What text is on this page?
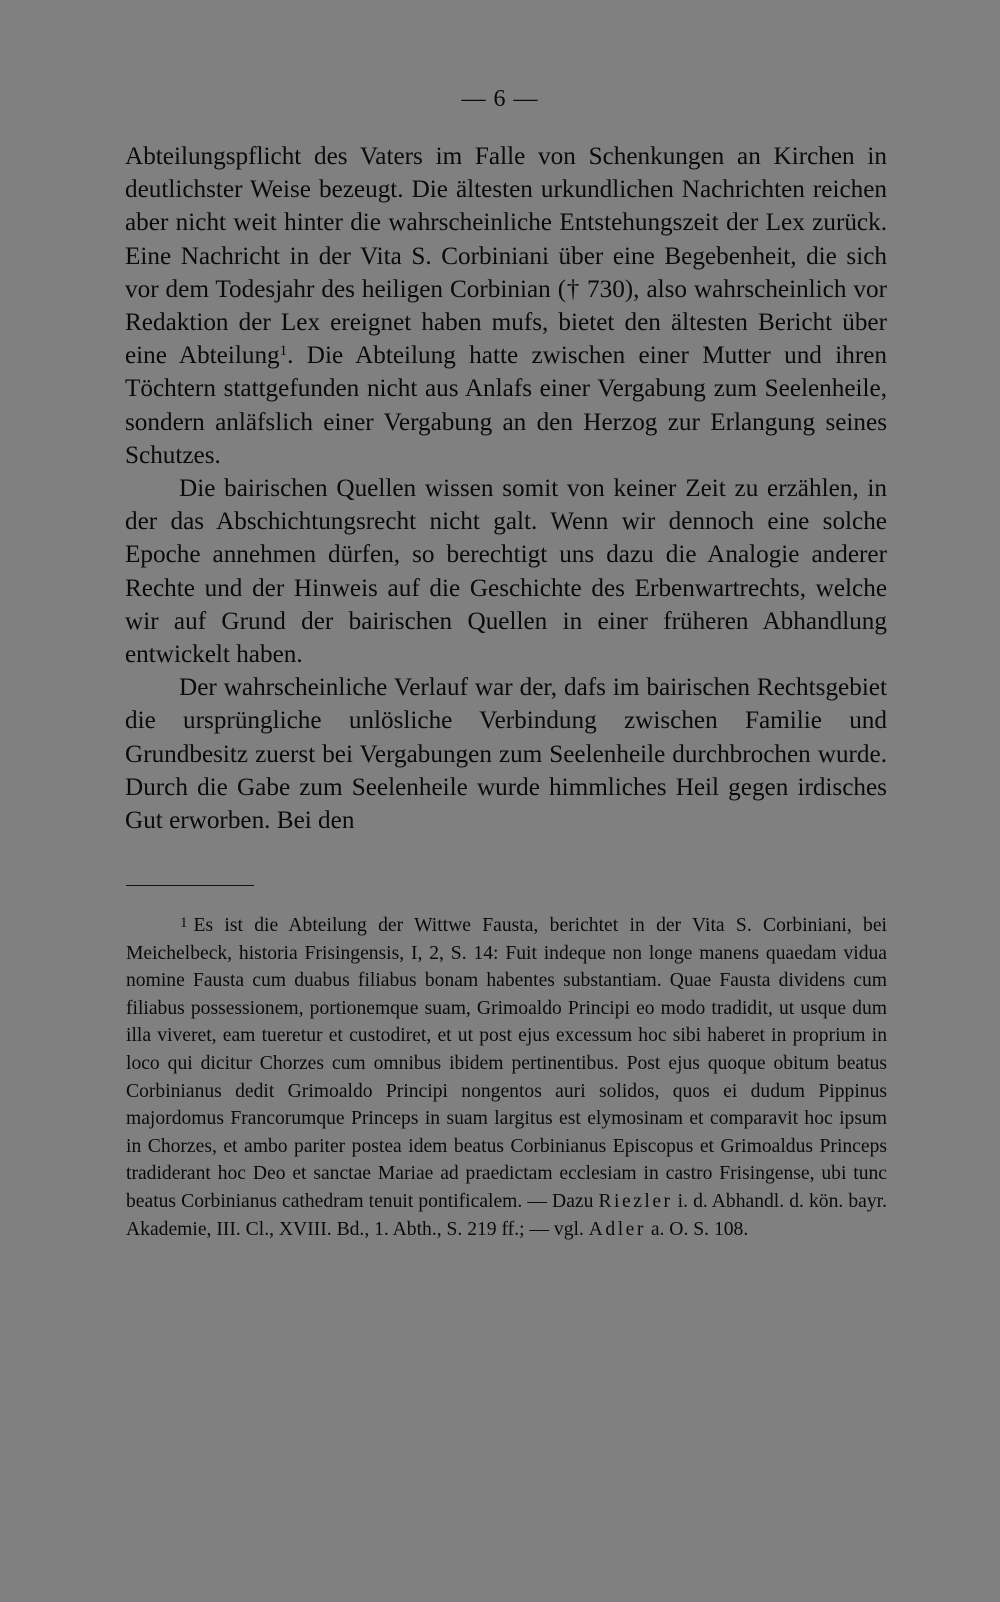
— 6 —

Abteilungspflicht des Vaters im Falle von Schenkungen an Kirchen in deutlichster Weise bezeugt. Die ältesten urkundlichen Nachrichten reichen aber nicht weit hinter die wahrscheinliche Entstehungszeit der Lex zurück. Eine Nachricht in der Vita S. Corbiniani über eine Begebenheit, die sich vor dem Todesjahr des heiligen Corbinian († 730), also wahrscheinlich vor Redaktion der Lex ereignet haben mufs, bietet den ältesten Bericht über eine Abteilung$^1$. Die Abteilung hatte zwischen einer Mutter und ihren Töchtern stattgefunden nicht aus Anlafs einer Vergabung zum Seelenheile, sondern anläfslich einer Vergabung an den Herzog zur Erlangung seines Schutzes.

Die bairischen Quellen wissen somit von keiner Zeit zu erzählen, in der das Abschichtungsrecht nicht galt. Wenn wir dennoch eine solche Epoche annehmen dürfen, so berechtigt uns dazu die Analogie anderer Rechte und der Hinweis auf die Geschichte des Erbenwartrechts, welche wir auf Grund der bairischen Quellen in einer früheren Abhandlung entwickelt haben.

Der wahrscheinliche Verlauf war der, dafs im bairischen Rechtsgebiet die ursprüngliche unlösliche Verbindung zwischen Familie und Grundbesitz zuerst bei Vergabungen zum Seelenheile durchbrochen wurde. Durch die Gabe zum Seelenheile wurde himmliches Heil gegen irdisches Gut erworben. Bei den

$^1$ Es ist die Abteilung der Wittwe Fausta, berichtet in der Vita S. Corbiniani, bei Meichelbeck, historia Frisingensis, I, 2, S. 14: Fuit indeque non longe manens quaedam vidua nomine Fausta cum duabus filiabus bonam habentes substantiam. Quae Fausta dividens cum filiabus possessionem, portionemque suam, Grimoaldo Principi eo modo tradidit, ut usque dum illa viveret, eam tueretur et custodiret, et ut post ejus excessum hoc sibi haberet in proprium in loco qui dicitur Chorzes cum omnibus ibidem pertinentibus. Post ejus quoque obitum beatus Corbinianus dedit Grimoaldo Principi nongentos auri solidos, quos ei dudum Pippinus majordomus Francorumque Princeps in suam largitus est elymosinam et comparavit hoc ipsum in Chorzes, et ambo pariter postea idem beatus Corbinianus Episcopus et Grimoaldus Princeps tradiderant hoc Deo et sanctae Mariae ad praedictam ecclesiam in castro Frisingense, ubi tunc beatus Corbinianus cathedram tenuit pontificalem. — Dazu Riezler i. d. Abhandl. d. kön. bayr. Akademie, III. Cl., XVIII. Bd., 1. Abth., S. 219 ff.; — vgl. Adler a. O. S. 108.
